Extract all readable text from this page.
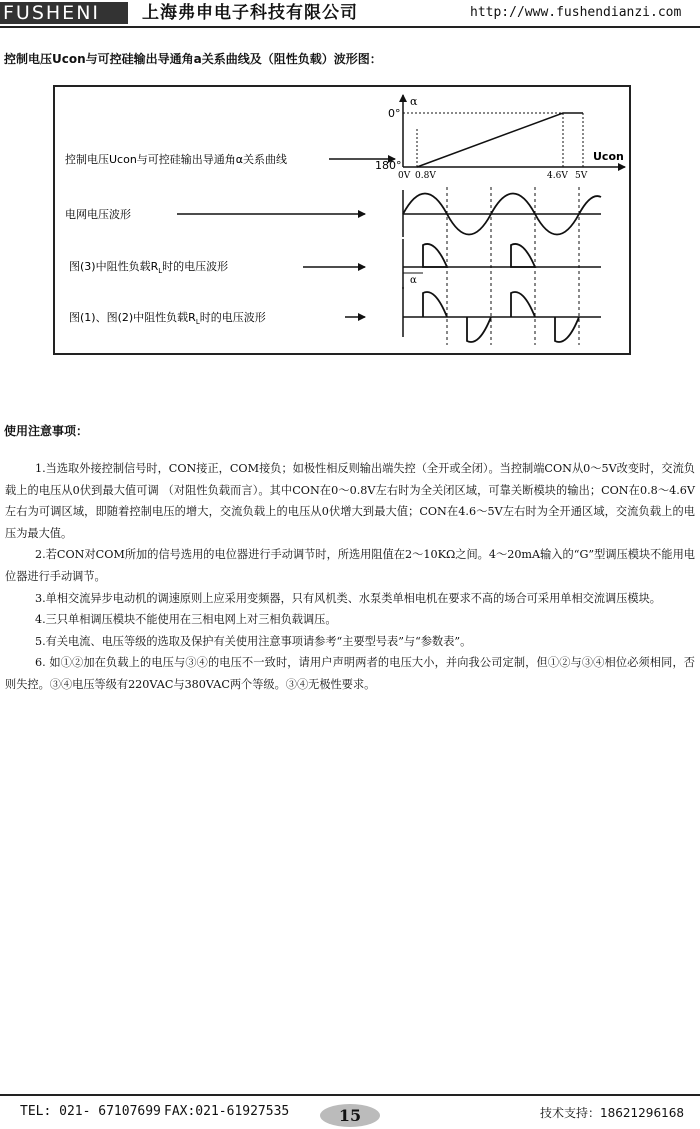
FUSHENI	上海弗申电子科技有限公司	http://www.fushendianzi.com
控制电压Ucon与可控硅输出导通角a关系曲线及（阻性负载）波形图：
控制电压Ucon与可控硅输出导通角α关系曲线
电网电压波形
图(3)中阻性负载$R_L$时的电压波形
图(1)、图(2)中阻性负载$R_L$时的电压波形
α
0°
180°
Ucon
0V 0.8V	4.6V 5V
α
使用注意事项：

1.当选取外接控制信号时，CON接正，COM接负；如极性相反则输出端失控（全开或全闭）。当控制端CON从0～5V改变时，交流负载上的电压从0伏到最大值可调 （对阻性负载而言）。其中CON在0～0.8V左右时为全关闭区域，可靠关断模块的输出；CON在0.8～4.6V左右为可调区域，即随着控制电压的增大，交流负载上的电压从0伏增大到最大值；CON在4.6～5V左右时为全开通区域，交流负载上的电压为最大值。

2.若CON对COM所加的信号选用的电位器进行手动调节时，所选用阻值在2～10KΩ之间。4～20mA输入的“G”型调压模块不能用电位器进行手动调节。

3.单相交流异步电动机的调速原则上应采用变频器，只有风机类、水泵类单相电机在要求不高的场合可采用单相交流调压模块。

4.三只单相调压模块不能使用在三相电网上对三相负载调压。

5.有关电流、电压等级的选取及保护有关使用注意事项请参考“主要型号表”与“参数表”。

6. 如①②加在负载上的电压与③④的电压不一致时，请用户声明两者的电压大小，并向我公司定制，但①②与③④相位必须相同，否则失控。③④电压等级有220VAC与380VAC两个等级。③④无极性要求。

TEL: 021- 67107699 FAX:021-61927535	15	技术支持：18621296168
